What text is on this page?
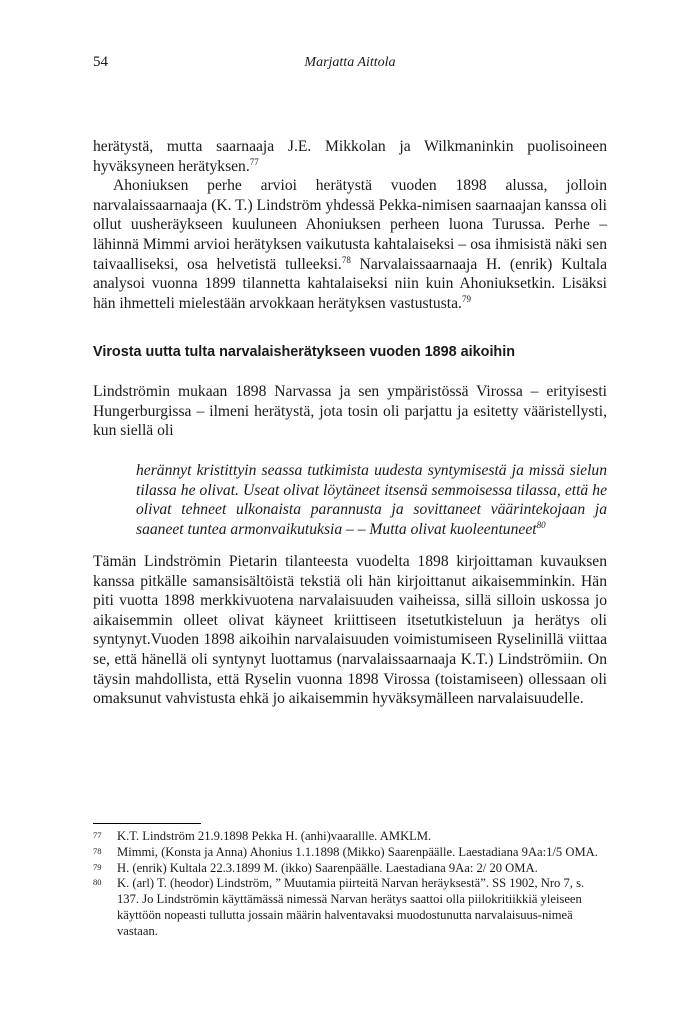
54	Marjatta Aittola

herätystä, mutta saarnaaja J.E. Mikkolan ja Wilkmaninkin puolisoineen hyväksyneen herätyksen.$^{77}$

Ahoniuksen perhe arvioi herätystä vuoden 1898 alussa, jolloin narvalaissaarnaaja (K. T.) Lindström yhdessä Pekka-nimisen saarnaajan kanssa oli ollut uusheräykseen kuuluneen Ahoniuksen perheen luona Turussa. Perhe – lähinnä Mimmi arvioi herätyksen vaikutusta kahtalaiseksi – osa ihmisistä näki sen taivaalliseksi, osa helvetistä tulleeksi.$^{78}$ Narvalaissaarnaaja H. (enrik) Kultala analysoi vuonna 1899 tilannetta kahtalaiseksi niin kuin Ahoniuksetkin. Lisäksi hän ihmetteli mielestään arvokkaan herätyksen vastustusta.$^{79}$

Virosta uutta tulta narvalaisherätykseen vuoden 1898 aikoihin

Lindströmin mukaan 1898 Narvassa ja sen ympäristössä Virossa – erityisesti Hungerburgissa – ilmeni herätystä, jota tosin oli parjattu ja esitetty vääristellysti, kun siellä oli

herännyt kristittyin seassa tutkimista uudesta syntymisestä ja missä sielun tilassa he olivat. Useat olivat löytäneet itsensä semmoisessa tilassa, että he olivat tehneet ulkonaista parannusta ja sovittaneet väärintekojaan ja saaneet tuntea armonvaikutuksia – – Mutta olivat kuoleentuneet$^{80}$

Tämän Lindströmin Pietarin tilanteesta vuodelta 1898 kirjoittaman kuvauksen kanssa pitkälle samansisältöistä tekstiä oli hän kirjoittanut aikaisemminkin. Hän piti vuotta 1898 merkkivuotena narvalaisuuden vaiheissa, sillä silloin uskossa jo aikaisemmin olleet olivat käyneet kriittiseen itsetutkisteluun ja herätys oli syntynyt.Vuoden 1898 aikoihin narvalaisuuden voimistumiseen Ryselinillä viittaa se, että hänellä oli syntynyt luottamus (narvalaissaarnaaja K.T.) Lindströmiin. On täysin mahdollista, että Ryselin vuonna 1898 Virossa (toistamiseen) ollessaan oli omaksunut vahvistusta ehkä jo aikaisemmin hyväksymälleen narvalaisuudelle.

77 K.T. Lindström 21.9.1898 Pekka H. (anhi)vaarallle. AMKLM.
78 Mimmi, (Konsta ja Anna) Ahonius 1.1.1898 (Mikko) Saarenpäälle. Laestadiana 9Aa:1/5 OMA.
79 H. (enrik) Kultala 22.3.1899 M. (ikko) Saarenpäälle. Laestadiana 9Aa: 2/ 20 OMA.
80 K. (arl) T. (heodor) Lindström, ” Muutamia piirteitä Narvan heräyksestä”. SS 1902, Nro 7, s. 137. Jo Lindströmin käyttämässä nimessä Narvan herätys saattoi olla piilokritiikkiä yleiseen käyttöön nopeasti tullutta jossain määrin halventavaksi muodostunutta narvalaisuus-nimeä vastaan.
